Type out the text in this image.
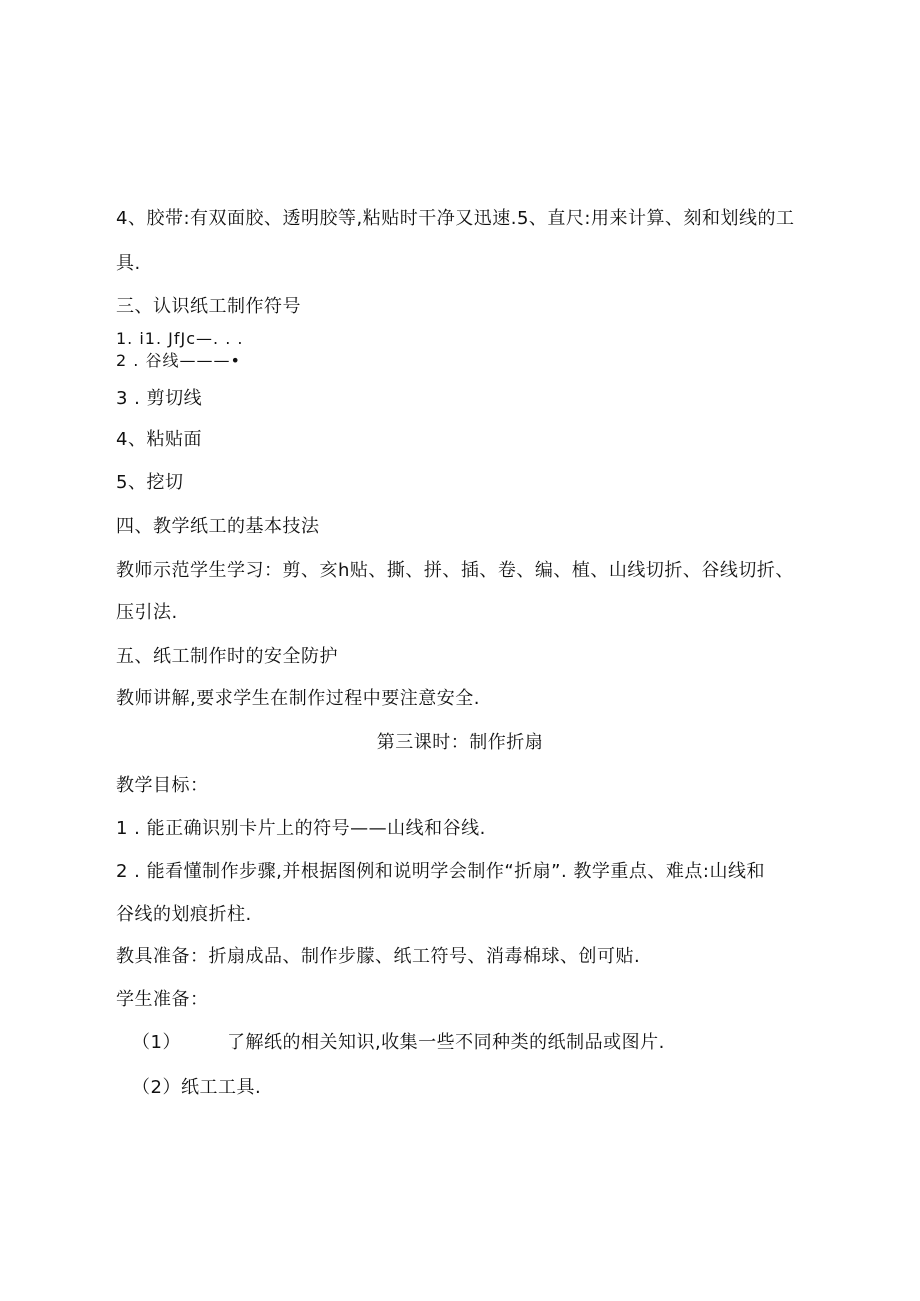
4、胶带:有双面胶、透明胶等,粘贴时干净又迅速.5、直尺:用来计算、刻和划线的工
具.
三、认识纸工制作符号
1. i1. JfJc—. . .
2 . 谷线———•
3 . 剪切线
4、粘贴面
5、挖切
四、教学纸工的基本技法
教师示范学生学习：剪、亥h贴、撕、拼、插、卷、编、植、山线切折、谷线切折、
压引法.
五、纸工制作时的安全防护
教师讲解,要求学生在制作过程中要注意安全.
第三课时：制作折扇
教学目标：
1 . 能正确识别卡片上的符号——山线和谷线.
2 . 能看懂制作步骤,并根据图例和说明学会制作“折扇”. 教学重点、难点:山线和
谷线的划痕折柱.
教具准备：折扇成品、制作步朦、纸工符号、消毒棉球、创可贴.
学生准备：
（1）	了解纸的相关知识,收集一些不同种类的纸制品或图片.
（2）纸工工具.
